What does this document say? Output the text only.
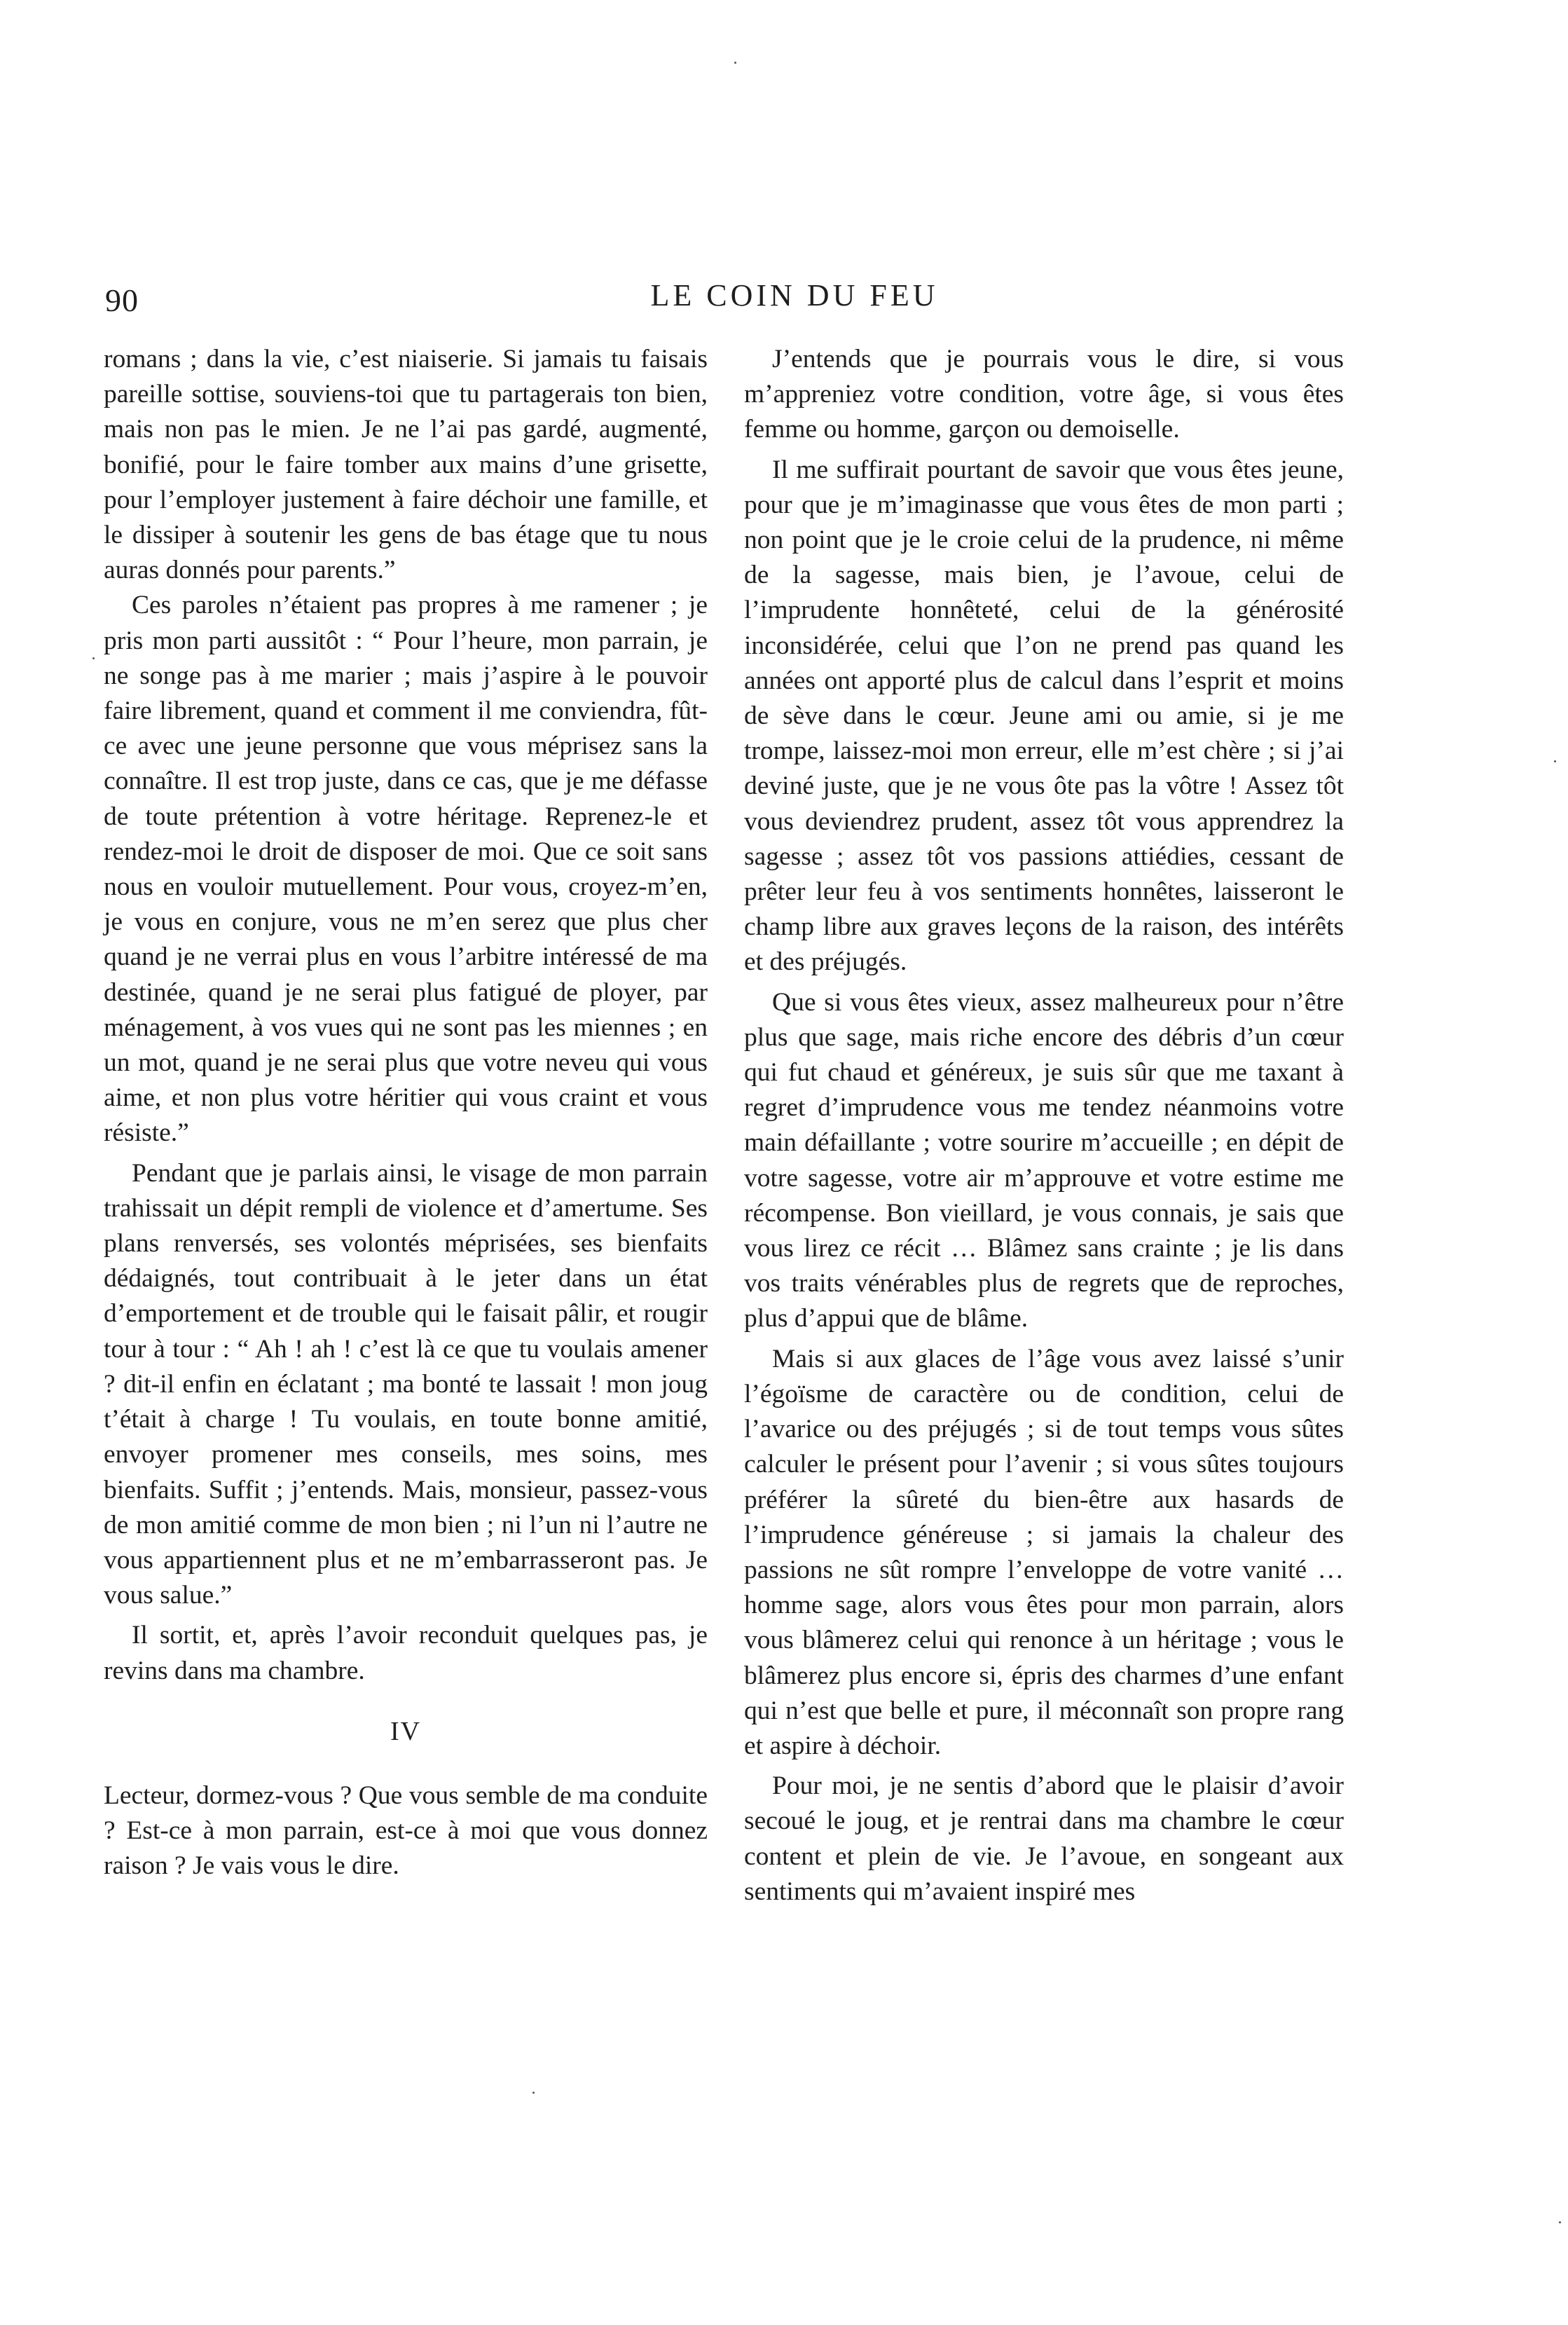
90	LE COIN DU FEU

romans ; dans la vie, c’est niaiserie. Si jamais tu faisais pareille sottise, souviens-toi que tu partagerais ton bien, mais non pas le mien. Je ne l’ai pas gardé, augmenté, bonifié, pour le faire tomber aux mains d’une grisette, pour l’employer justement à faire déchoir une famille, et le dissiper à soutenir les gens de bas étage que tu nous auras donnés pour parents.”

Ces paroles n’étaient pas propres à me ramener ; je pris mon parti aussitôt : “ Pour l’heure, mon parrain, je ne songe pas à me marier ; mais j’aspire à le pouvoir faire librement, quand et comment il me conviendra, fût-ce avec une jeune personne que vous méprisez sans la connaître. Il est trop juste, dans ce cas, que je me défasse de toute prétention à votre héritage. Reprenez-le et rendez-moi le droit de disposer de moi. Que ce soit sans nous en vouloir mutuellement. Pour vous, croyez-m’en, je vous en conjure, vous ne m’en serez que plus cher quand je ne verrai plus en vous l’arbitre intéressé de ma destinée, quand je ne serai plus fatigué de ployer, par ménagement, à vos vues qui ne sont pas les miennes ; en un mot, quand je ne serai plus que votre neveu qui vous aime, et non plus votre héritier qui vous craint et vous résiste.”

Pendant que je parlais ainsi, le visage de mon parrain trahissait un dépit rempli de violence et d’amertume. Ses plans renversés, ses volontés méprisées, ses bienfaits dédaignés, tout contribuait à le jeter dans un état d’emportement et de trouble qui le faisait pâlir, et rougir tour à tour : “ Ah ! ah ! c’est là ce que tu voulais amener ? dit-il enfin en éclatant ; ma bonté te lassait ! mon joug t’était à charge ! Tu voulais, en toute bonne amitié, envoyer promener mes conseils, mes soins, mes bienfaits. Suffit ; j’entends. Mais, monsieur, passez-vous de mon amitié comme de mon bien ; ni l’un ni l’autre ne vous appartiennent plus et ne m’embarrasseront pas. Je vous salue.”

Il sortit, et, après l’avoir reconduit quelques pas, je revins dans ma chambre.

IV

Lecteur, dormez-vous ? Que vous semble de ma conduite ? Est-ce à mon parrain, est-ce à moi que vous donnez raison ? Je vais vous le dire.

J’entends que je pourrais vous le dire, si vous m’appreniez votre condition, votre âge, si vous êtes femme ou homme, garçon ou demoiselle.

Il me suffirait pourtant de savoir que vous êtes jeune, pour que je m’imaginasse que vous êtes de mon parti ; non point que je le croie celui de la prudence, ni même de la sagesse, mais bien, je l’avoue, celui de l’imprudente honnêteté, celui de la générosité inconsidérée, celui que l’on ne prend pas quand les années ont apporté plus de calcul dans l’esprit et moins de sève dans le cœur. Jeune ami ou amie, si je me trompe, laissez-moi mon erreur, elle m’est chère ; si j’ai deviné juste, que je ne vous ôte pas la vôtre ! Assez tôt vous deviendrez prudent, assez tôt vous apprendrez la sagesse ; assez tôt vos passions attiédies, cessant de prêter leur feu à vos sentiments honnêtes, laisseront le champ libre aux graves leçons de la raison, des intérêts et des préjugés.

Que si vous êtes vieux, assez malheureux pour n’être plus que sage, mais riche encore des débris d’un cœur qui fut chaud et généreux, je suis sûr que me taxant à regret d’imprudence vous me tendez néanmoins votre main défaillante ; votre sourire m’accueille ; en dépit de votre sagesse, votre air m’approuve et votre estime me récompense. Bon vieillard, je vous connais, je sais que vous lirez ce récit … Blâmez sans crainte ; je lis dans vos traits vénérables plus de regrets que de reproches, plus d’appui que de blâme.

Mais si aux glaces de l’âge vous avez laissé s’unir l’égoïsme de caractère ou de condition, celui de l’avarice ou des préjugés ; si de tout temps vous sûtes calculer le présent pour l’avenir ; si vous sûtes toujours préférer la sûreté du bien-être aux hasards de l’imprudence généreuse ; si jamais la chaleur des passions ne sût rompre l’enveloppe de votre vanité … homme sage, alors vous êtes pour mon parrain, alors vous blâmerez celui qui renonce à un héritage ; vous le blâmerez plus encore si, épris des charmes d’une enfant qui n’est que belle et pure, il méconnaît son propre rang et aspire à déchoir.

Pour moi, je ne sentis d’abord que le plaisir d’avoir secoué le joug, et je rentrai dans ma chambre le cœur content et plein de vie. Je l’avoue, en songeant aux sentiments qui m’avaient inspiré mes
